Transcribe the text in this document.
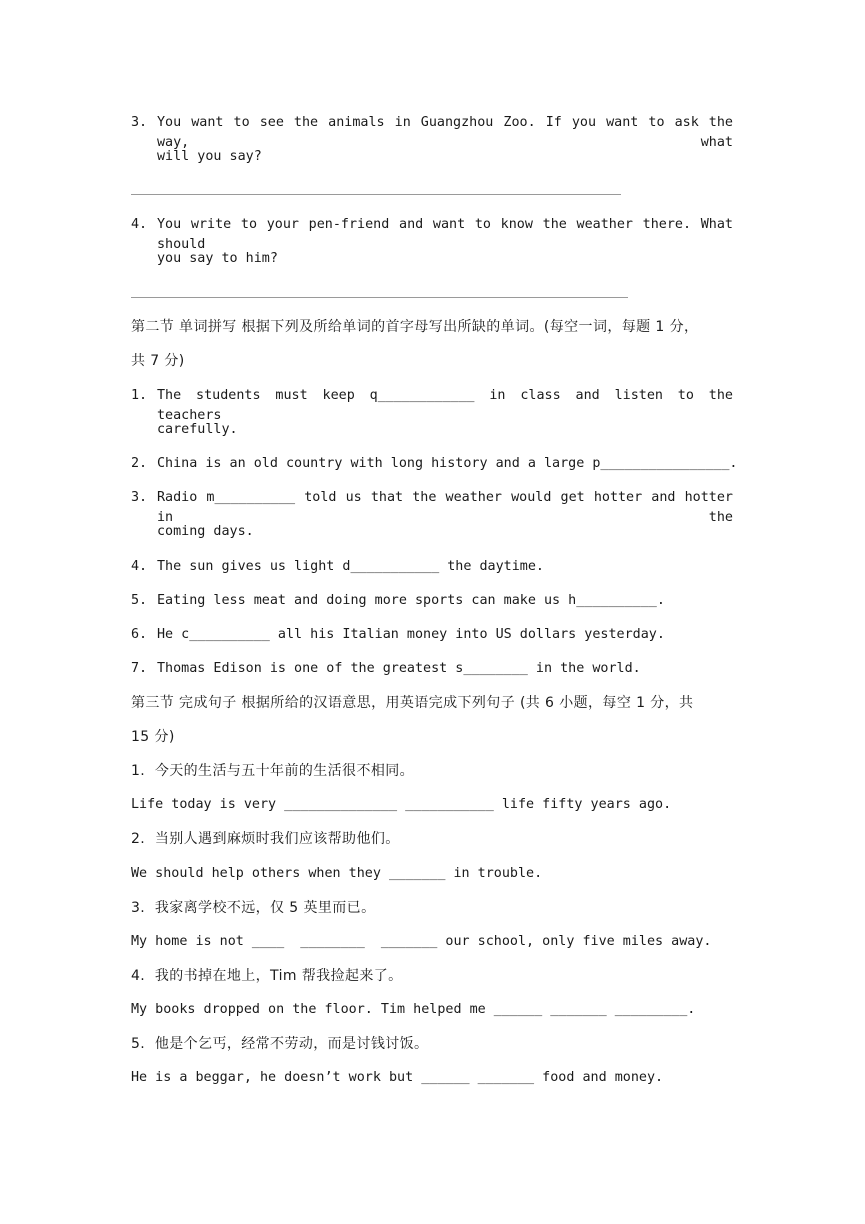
3. You want to see the animals in Guangzhou Zoo. If you want to ask the way, what
will you say?
4. You write to your pen-friend and want to know the weather there. What should
you say to him?
第二节 单词拼写 根据下列及所给单词的首字母写出所缺的单词。(每空一词，每题 1 分，
共 7 分)
1. The students must keep q____________ in class and listen to the teachers
carefully.
2. China is an old country with long history and a large p________________.
3. Radio m__________ told us that the weather would get hotter and hotter in the
coming days.
4. The sun gives us light d___________ the daytime.
5. Eating less meat and doing more sports can make us h__________.
6. He c__________ all his Italian money into US dollars yesterday.
7. Thomas Edison is one of the greatest s________ in the world.
第三节 完成句子 根据所给的汉语意思，用英语完成下列句子 (共 6 小题，每空 1 分，共
15 分)
1.  今天的生活与五十年前的生活很不相同。
Life today is very ______________ ___________ life fifty years ago.
2.  当别人遇到麻烦时我们应该帮助他们。
We should help others when they _______ in trouble.
3.  我家离学校不远，仅 5 英里而已。
My home is not ____  ________  _______ our school, only five miles away.
4.  我的书掉在地上，Tim 帮我捡起来了。
My books dropped on the floor. Tim helped me ______ _______ _________.
5.  他是个乞丐，经常不劳动，而是讨钱讨饭。
He is a beggar, he doesn’t work but ______ _______ food and money.
